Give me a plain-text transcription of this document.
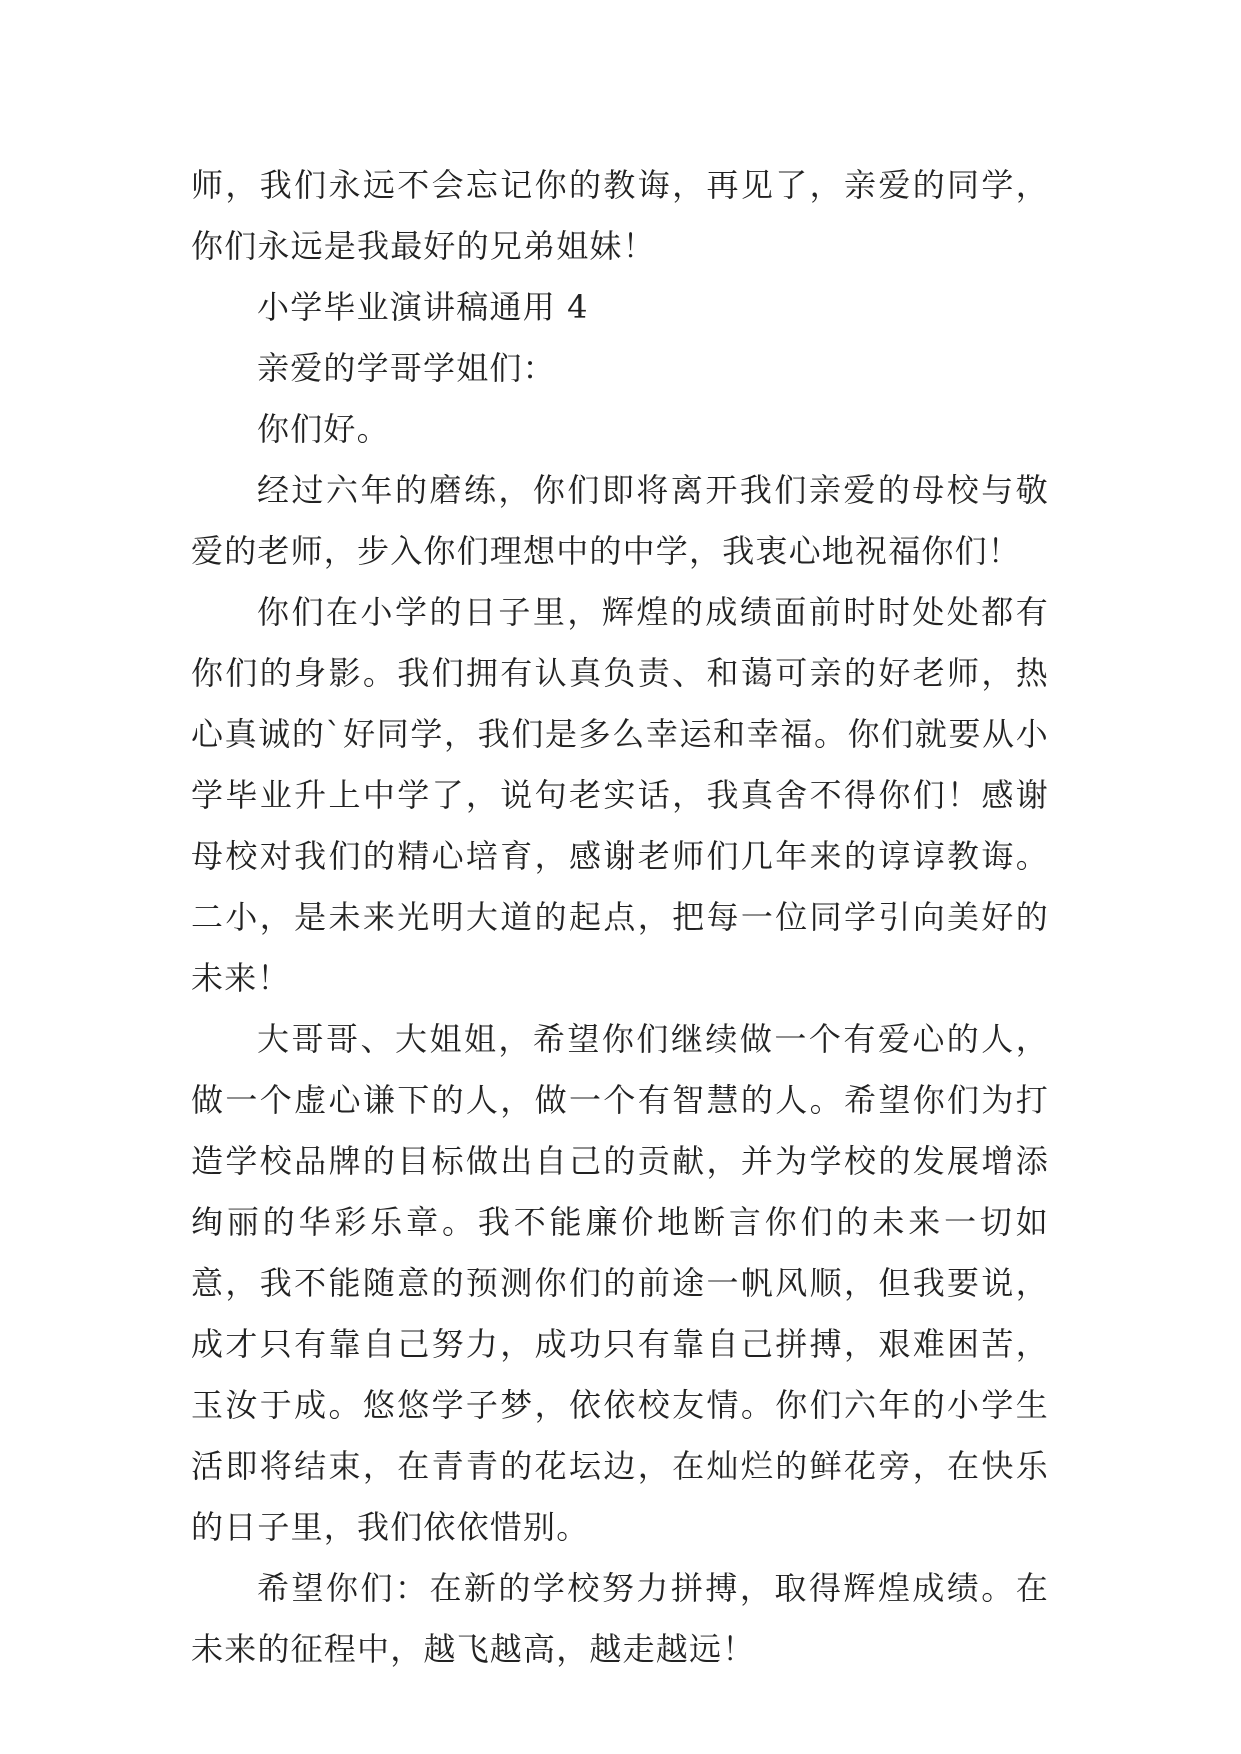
师，我们永远不会忘记你的教诲，再见了，亲爱的同学，你们永远是我最好的兄弟姐妹！

小学毕业演讲稿通用 4

亲爱的学哥学姐们：

你们好。

经过六年的磨练，你们即将离开我们亲爱的母校与敬爱的老师，步入你们理想中的中学，我衷心地祝福你们！

你们在小学的日子里，辉煌的成绩面前时时处处都有你们的身影。我们拥有认真负责、和蔼可亲的好老师，热心真诚的`好同学，我们是多么幸运和幸福。你们就要从小学毕业升上中学了，说句老实话，我真舍不得你们！感谢母校对我们的精心培育，感谢老师们几年来的谆谆教诲。二小，是未来光明大道的起点，把每一位同学引向美好的未来！

大哥哥、大姐姐，希望你们继续做一个有爱心的人，做一个虚心谦下的人，做一个有智慧的人。希望你们为打造学校品牌的目标做出自己的贡献，并为学校的发展增添绚丽的华彩乐章。我不能廉价地断言你们的未来一切如意，我不能随意的预测你们的前途一帆风顺，但我要说，成才只有靠自己努力，成功只有靠自己拼搏，艰难困苦，玉汝于成。悠悠学子梦，依依校友情。你们六年的小学生活即将结束，在青青的花坛边，在灿烂的鲜花旁，在快乐的日子里，我们依依惜别。

希望你们：在新的学校努力拼搏，取得辉煌成绩。在未来的征程中，越飞越高，越走越远！
